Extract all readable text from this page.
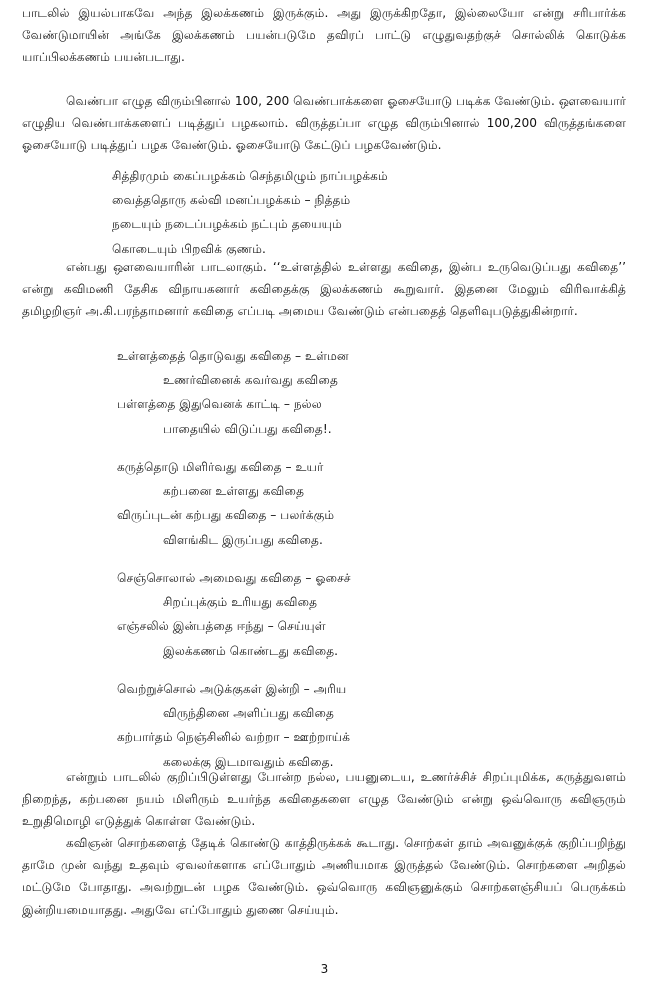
பாடலில் இயல்பாகவே அந்த இலக்கணம் இருக்கும். அது இருக்கிறதோ, இல்லையோ என்று சரிபார்க்க வேண்டுமாயின் அங்கே இலக்கணம் பயன்படுமே தவிரப் பாட்டு எழுதுவதற்குச் சொல்லிக் கொடுக்க யாப்பிலக்கணம் பயன்படாது.

வெண்பா எழுத விரும்பினால் 100, 200 வெண்பாக்களை ஓசையோடு படிக்க வேண்டும். ஔவையார் எழுதிய வெண்பாக்களைப் படித்துப் பழகலாம். விருத்தப்பா எழுத விரும்பினால் 100,200 விருத்தங்களை ஓசையோடு படித்துப் பழக வேண்டும். ஓசையோடு கேட்டுப் பழகவேண்டும்.

சித்திரமும் கைப்பழக்கம் செந்தமிழும் நாப்பழக்கம்
வைத்ததொரு கல்வி மனப்பழக்கம் – நித்தம்
நடையும் நடைப்பழக்கம் நட்பும் தயையும்
கொடையும் பிறவிக் குணம்.

என்பது ஔவையாரின் பாடலாகும். ‘‘உள்ளத்தில் உள்ளது கவிதை, இன்ப உருவெடுப்பது கவிதை’’ என்று கவிமணி தேசிக விநாயகனார் கவிதைக்கு இலக்கணம் கூறுவார். இதனை மேலும் விரிவாக்கித் தமிழறிஞர் அ.கி.பரந்தாமனார் கவிதை எப்படி அமைய வேண்டும் என்பதைத் தெளிவுபடுத்துகின்றார்.

உள்ளத்தைத் தொடுவது கவிதை – உள்மன
உணர்வினைக் கவர்வது கவிதை
பள்ளத்தை இதுவெனக் காட்டி – நல்ல
பாதையில் விடுப்பது கவிதை!.
கருத்தொடு மிளிர்வது கவிதை – உயர்
கற்பனை உள்ளது கவிதை
விருப்புடன் கற்பது கவிதை – பலர்க்கும்
விளங்கிட இருப்பது கவிதை.
செஞ்சொலால் அமைவது கவிதை – ஓசைச்
சிறப்புக்கும் உரியது கவிதை
எஞ்சலில் இன்பத்தை ஈந்து – செய்யுள்
இலக்கணம் கொண்டது கவிதை.
வெற்றுச்சொல் அடுக்குகள் இன்றி – அரிய
விருந்தினை அளிப்பது கவிதை
கற்பார்தம் நெஞ்சினில் வற்றா – ஊற்றாய்க்
கலைக்கு இடமாவதும் கவிதை.

என்றும் பாடலில் குறிப்பிடுள்ளது போன்ற நல்ல, பயனுடைய, உணர்ச்சிச் சிறப்புமிக்க, கருத்துவளம் நிறைந்த, கற்பனை நயம் மிளிரும் உயர்ந்த கவிதைகளை எழுத வேண்டும் என்று ஒவ்வொரு கவிஞரும் உறுதிமொழி எடுத்துக் கொள்ள வேண்டும்.

கவிஞன் சொற்களைத் தேடிக் கொண்டு காத்திருக்கக் கூடாது. சொற்கள் தாம் அவனுக்குக் குறிப்பறிந்து தாமே முன் வந்து உதவும் ஏவலர்களாக எப்போதும் அணியமாக இருத்தல் வேண்டும். சொற்களை அறிதல் மட்டுமே போதாது. அவற்றுடன் பழக வேண்டும். ஒவ்வொரு கவிஞனுக்கும் சொற்களஞ்சியப் பெருக்கம் இன்றியமையாதது. அதுவே எப்போதும் துணை செய்யும்.

3
